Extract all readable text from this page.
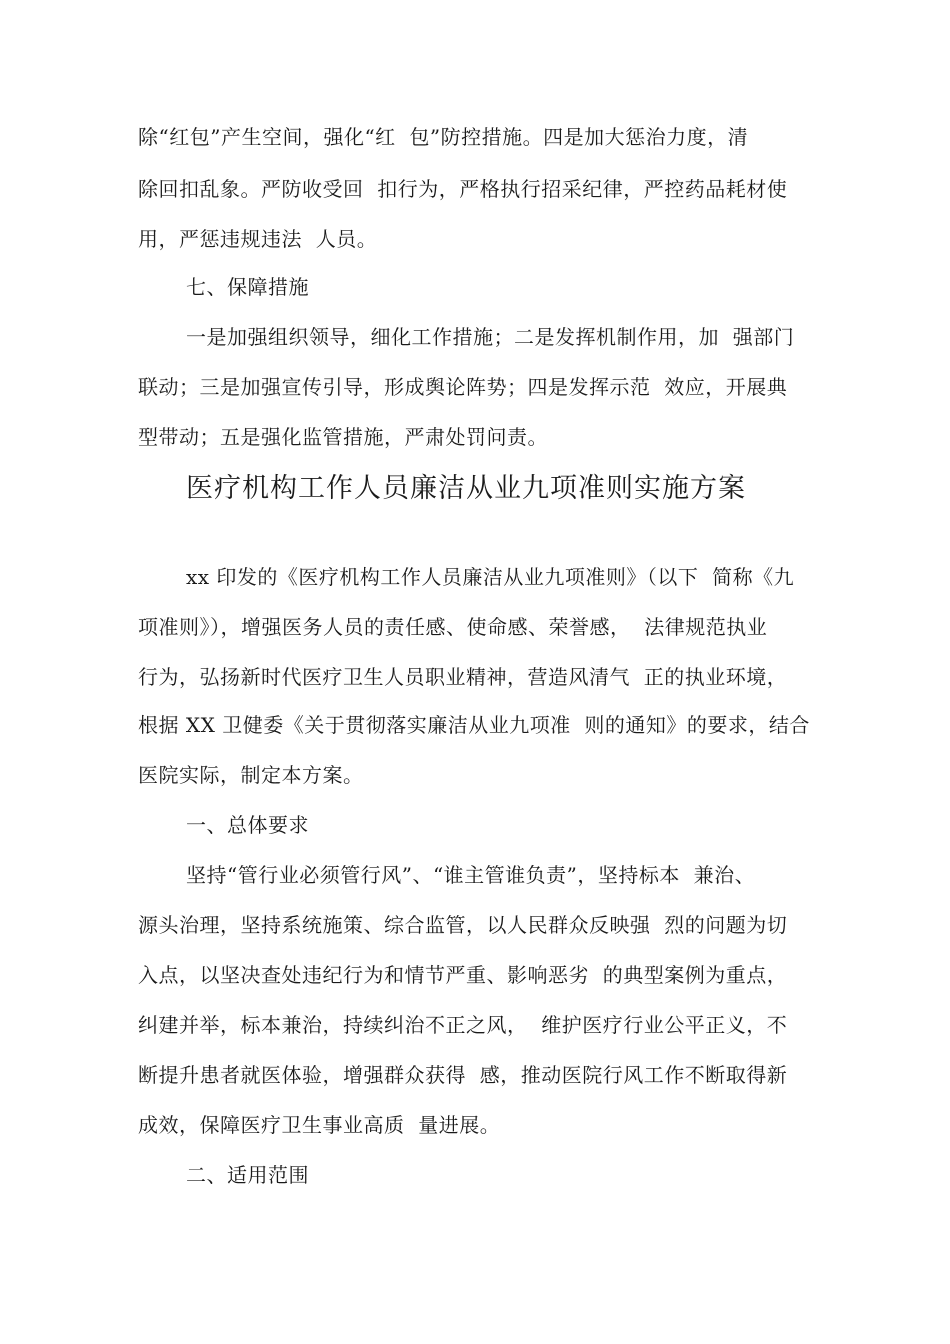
除“红包”产生空间，强化“红  包”防控措施。四是加大惩治力度，清
除回扣乱象。严防收受回  扣行为，严格执行招采纪律，严控药品耗材使
用，严惩违规违法  人员。
七、保障措施
一是加强组织领导，细化工作措施；二是发挥机制作用，加  强部门
联动；三是加强宣传引导，形成舆论阵势；四是发挥示范  效应，开展典
型带动；五是强化监管措施，严肃处罚问责。
医疗机构工作人员廉洁从业九项准则实施方案
xx 印发的《医疗机构工作人员廉洁从业九项准则》（以下  简称《九
项准则》），增强医务人员的责任感、使命感、荣誉感，  法律规范执业
行为，弘扬新时代医疗卫生人员职业精神，营造风清气  正的执业环境，
根据 XX 卫健委《关于贯彻落实廉洁从业九项准  则的通知》的要求，结合
医院实际，制定本方案。
一、总体要求
坚持“管行业必须管行风”、“谁主管谁负责”，坚持标本  兼治、
源头治理，坚持系统施策、综合监管，以人民群众反映强  烈的问题为切
入点，以坚决查处违纪行为和情节严重、影响恶劣  的典型案例为重点，
纠建并举，标本兼治，持续纠治不正之风，  维护医疗行业公平正义，不
断提升患者就医体验，增强群众获得  感，推动医院行风工作不断取得新
成效，保障医疗卫生事业高质  量进展。
二、适用范围
